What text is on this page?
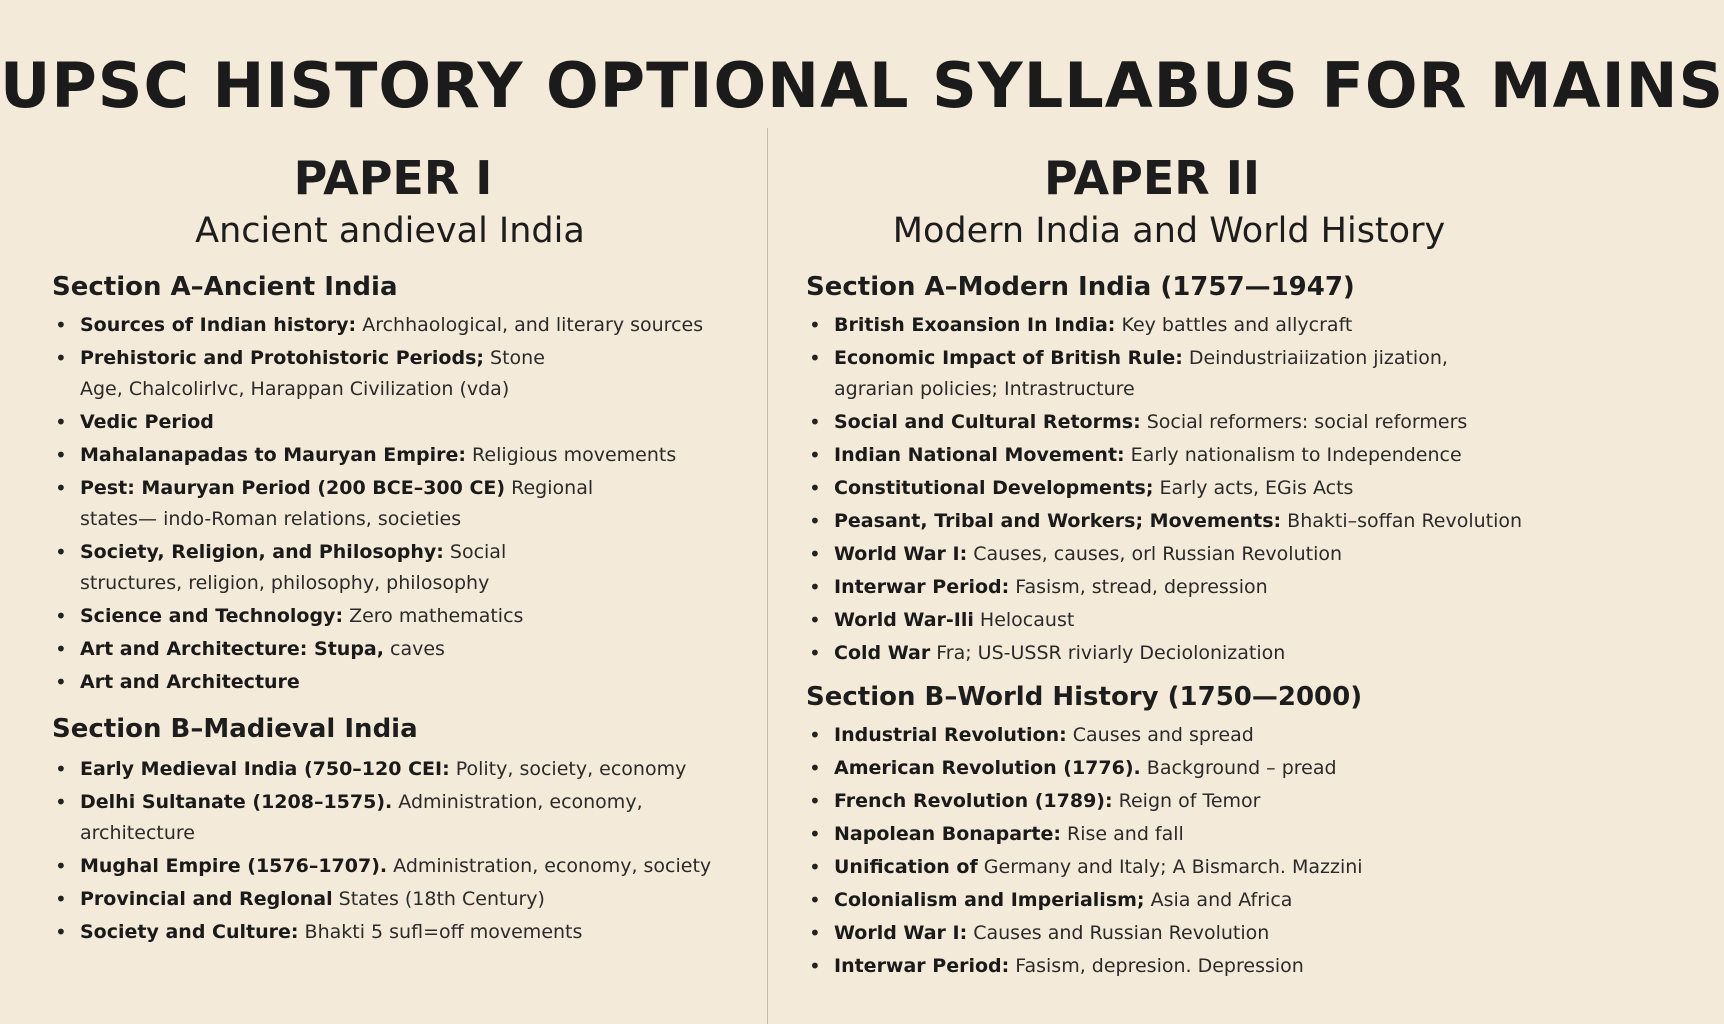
UPSC HISTORY OPTIONAL SYLLABUS FOR MAINS
PAPER I
Ancient andieval India
Section A–Ancient India
• Sources of Indian history: Archhaological, and literary sources
• Prehistoric and Protohistoric Periods; Stone Age, Chalcolirlvc, Harappan Civilization (vda)
• Vedic Period
• Mahalanapadas to Mauryan Empire: Religious movements
• Pest: Mauryan Period (200 BCE–300 CE) Regional states— indo-Roman relations, societies
• Society, Religion, and Philosophy: Social structures, religion, philosophy, philosophy
• Science and Technology: Zero mathematics
• Art and Architecture: Stupa, caves
• Art and Architecture
Section B–Madieval India
• Early Medieval India (750–120 CEI: Polity, society, economy
• Delhi Sultanate (1208–1575). Administration, economy, architecture
• Mughal Empire (1576–1707). Administration, economy, society
• Provincial and Reglonal States (18th Century)
• Society and Culture: Bhakti 5 sufl=off movements
PAPER II
Modern India and World History
Section A–Modern India (1757—1947)
• British Exoansion In India: Key battles and allycraft
• Economic Impact of British Rule: Deindustriaiization jization, agrarian policies; Intrastructure
• Social and Cultural Retorms: Social reformers: social reformers
• Indian National Movement: Early nationalism to Independence
• Constitutional Developments; Early acts, EGis Acts
• Peasant, Tribal and Workers; Movements: Bhakti–soffan Revolution
• World War I: Causes, causes, orl Russian Revolution
• Interwar Period: Fasism, stread, depression
• World War-Ili Helocaust
• Cold War Fra; US-USSR riviarly Deciolonization
Section B–World History (1750—2000)
• Industrial Revolution: Causes and spread
• American Revolution (1776). Background – pread
• French Revolution (1789): Reign of Temor
• Napolean Bonaparte: Rise and fall
• Unification of Germany and Italy; A Bismarch. Mazzini
• Colonialism and Imperialism; Asia and Africa
• World War I: Causes and Russian Revolution
• Interwar Period: Fasism, depresion. Depression
